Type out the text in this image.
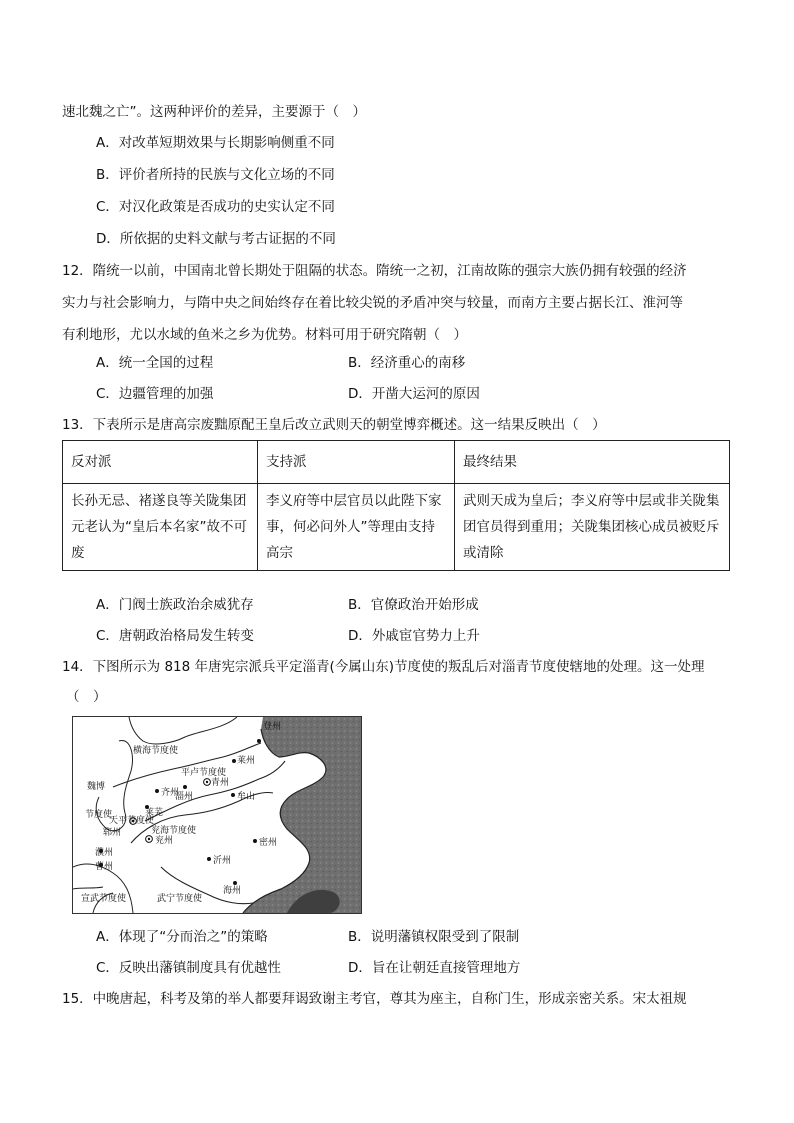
速北魏之亡”。这两种评价的差异，主要源于（　）
A．对改革短期效果与长期影响侧重不同
B．评价者所持的民族与文化立场的不同
C．对汉化政策是否成功的史实认定不同
D．所依据的史料文献与考古证据的不同
12．隋统一以前，中国南北曾长期处于阻隔的状态。隋统一之初，江南故陈的强宗大族仍拥有较强的经济
实力与社会影响力，与隋中央之间始终存在着比较尖锐的矛盾冲突与较量，而南方主要占据长江、淮河等
有利地形，尤以水域的鱼米之乡为优势。材料可用于研究隋朝（　）
A．统一全国的过程	B．经济重心的南移
C．边疆管理的加强	D．开凿大运河的原因
13．下表所示是唐高宗废黜原配王皇后改立武则天的朝堂博弈概述。这一结果反映出（　）
反对派	支持派	最终结果
长孙无忌、褚遂良等关陇集团元老认为“皇后本名家”故不可废	李义府等中层官员以此陛下家事，何必问外人”等理由支持高宗	武则天成为皇后；李义府等中层或非关陇集团官员得到重用；关陇集团核心成员被贬斥或清除
A．门阀士族政治余威犹存	B．官僚政治开始形成
C．唐朝政治格局发生转变	D．外戚宦官势力上升
14．下图所示为 818 年唐宪宗派兵平定淄青(今属山东)节度使的叛乱后对淄青节度使辖地的处理。这一处理
（　）
横海节度使
登州
莱州
平卢节度使
青州
魏博
节度使
齐州
淄州	牟山
莱芜
天平节度使
郓州	兖海节度使
兖州	密州
濮州
曹州
沂州
海州
宣武节度使	武宁节度使
A．体现了“分而治之”的策略	B．说明藩镇权限受到了限制
C．反映出藩镇制度具有优越性	D．旨在让朝廷直接管理地方
15．中晚唐起，科考及第的举人都要拜谒致谢主考官，尊其为座主，自称门生，形成亲密关系。宋太祖规
